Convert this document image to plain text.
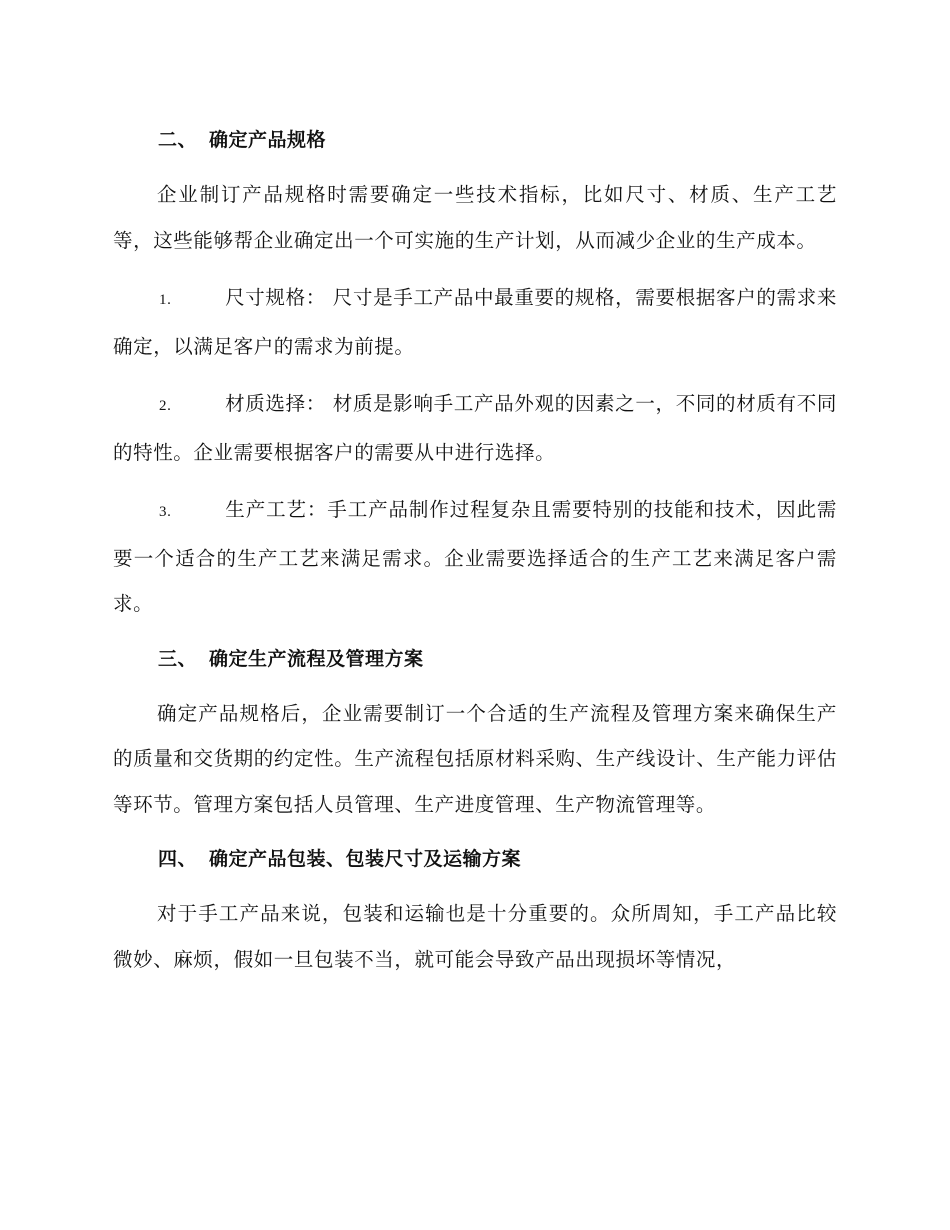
二、 确定产品规格

企业制订产品规格时需要确定一些技术指标，比如尺寸、材质、生产工艺等，这些能够帮企业确定出一个可实施的生产计划，从而减少企业的生产成本。

1.	尺寸规格： 尺寸是手工产品中最重要的规格，需要根据客户的需求来确定，以满足客户的需求为前提。

2.	材质选择： 材质是影响手工产品外观的因素之一，不同的材质有不同的特性。企业需要根据客户的需要从中进行选择。

3.	生产工艺：手工产品制作过程复杂且需要特别的技能和技术，因此需要一个适合的生产工艺来满足需求。企业需要选择适合的生产工艺来满足客户需求。

三、 确定生产流程及管理方案

确定产品规格后，企业需要制订一个合适的生产流程及管理方案来确保生产的质量和交货期的约定性。生产流程包括原材料采购、生产线设计、生产能力评估等环节。管理方案包括人员管理、生产进度管理、生产物流管理等。

四、 确定产品包装、包装尺寸及运输方案

对于手工产品来说，包装和运输也是十分重要的。众所周知，手工产品比较微妙、麻烦，假如一旦包装不当，就可能会导致产品出现损坏等情况，
